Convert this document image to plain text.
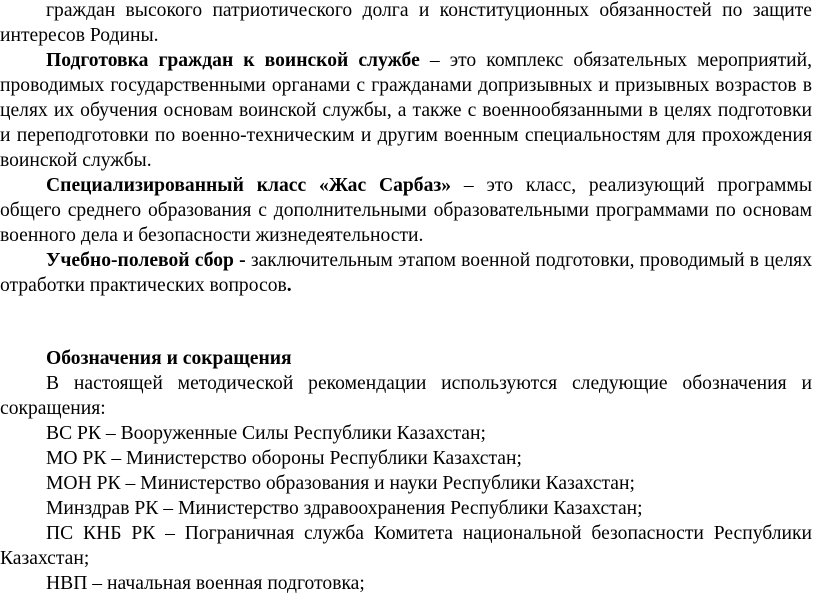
граждан высокого патриотического долга и конституционных обязанностей по защите интересов Родины.

Подготовка граждан к воинской службе – это комплекс обязательных мероприятий, проводимых государственными органами с гражданами допризывных и призывных возрастов в целях их обучения основам воинской службы, а также с военнообязанными в целях подготовки и переподготовки по военно-техническим и другим военным специальностям для прохождения воинской службы.

Специализированный класс «Жас Сарбаз» – это класс, реализующий программы общего среднего образования с дополнительными образовательными программами по основам военного дела и безопасности жизнедеятельности.

Учебно-полевой сбор - заключительным этапом военной подготовки, проводимый в целях отработки практических вопросов.

Обозначения и сокращения

В настоящей методической рекомендации используются следующие обозначения и сокращения:

ВС РК – Вооруженные Силы Республики Казахстан;

МО РК – Министерство обороны Республики Казахстан;

МОН РК – Министерство образования и науки Республики Казахстан;

Минздрав РК – Министерство здравоохранения Республики Казахстан;

ПС КНБ РК – Пограничная служба Комитета национальной безопасности Республики Казахстан;

НВП – начальная военная подготовка;
